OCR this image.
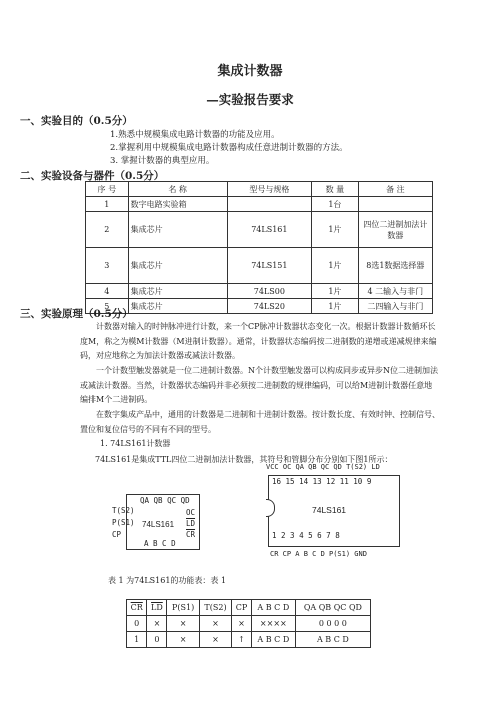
集成计数器
—实验报告要求
一、实验目的（0.5分）
1.熟悉中规模集成电路计数器的功能及应用。
2.掌握利用中规模集成电路计数器构成任意进制计数器的方法。
3. 掌握计数器的典型应用。
二、实验设备与器件（0.5分）
序 号	名 称	型号与规格	数 量	备 注
1	数字电路实验箱		1台	
2	集成芯片	74LS161	1片	四位二进制加法计数器
3	集成芯片	74LS151	1片	8选1数据选择器
4	集成芯片	74LS00	1片	4 二输入与非门
5	集成芯片	74LS20	1片	二四输入与非门
三、实验原理（0.5分）
计数器对输入的时钟脉冲进行计数，来一个CP脉冲计数器状态变化一次。根据计数器计数循环长度M，称之为模M计数器（M进制计数器）。通常，计数器状态编码按二进制数的递增或递减规律来编码，对应地称之为加法计数器或减法计数器。
一个计数型触发器就是一位二进制计数器。N个计数型触发器可以构成同步或异步N位二进制加法或减法计数器。当然，计数器状态编码并非必须按二进制数的规律编码，可以给M进制计数器任意地编排M个二进制码。
在数字集成产品中，通用的计数器是二进制和十进制计数器。按计数长度、有效时钟、控制信号、置位和复位信号的不同有不同的型号。
1. 74LS161计数器
74LS161是集成TTL四位二进制加法计数器，其符号和管脚分布分别如下图1所示：
QA QB QC QD
T(S2)
P(S1)
CP
74LS161
OC
$\overline{LD}$
$\overline{CR}$
A B C D
VCC OC QA QB QC QD T(S2) LD
16 15 14 13 12 11 10 9
74LS161
1 2 3 4 5 6 7 8
CR CP A B C D P(S1) GND
表 1 为74LS161的功能表：表 1
$\overline{CR}$	$\overline{LD}$	P(S1)	T(S2)	CP	A B C D	QA QB QC QD
0	×	×	×	×	××××	0 0 0 0
1	0	×	×	↑	A B C D	A B C D
